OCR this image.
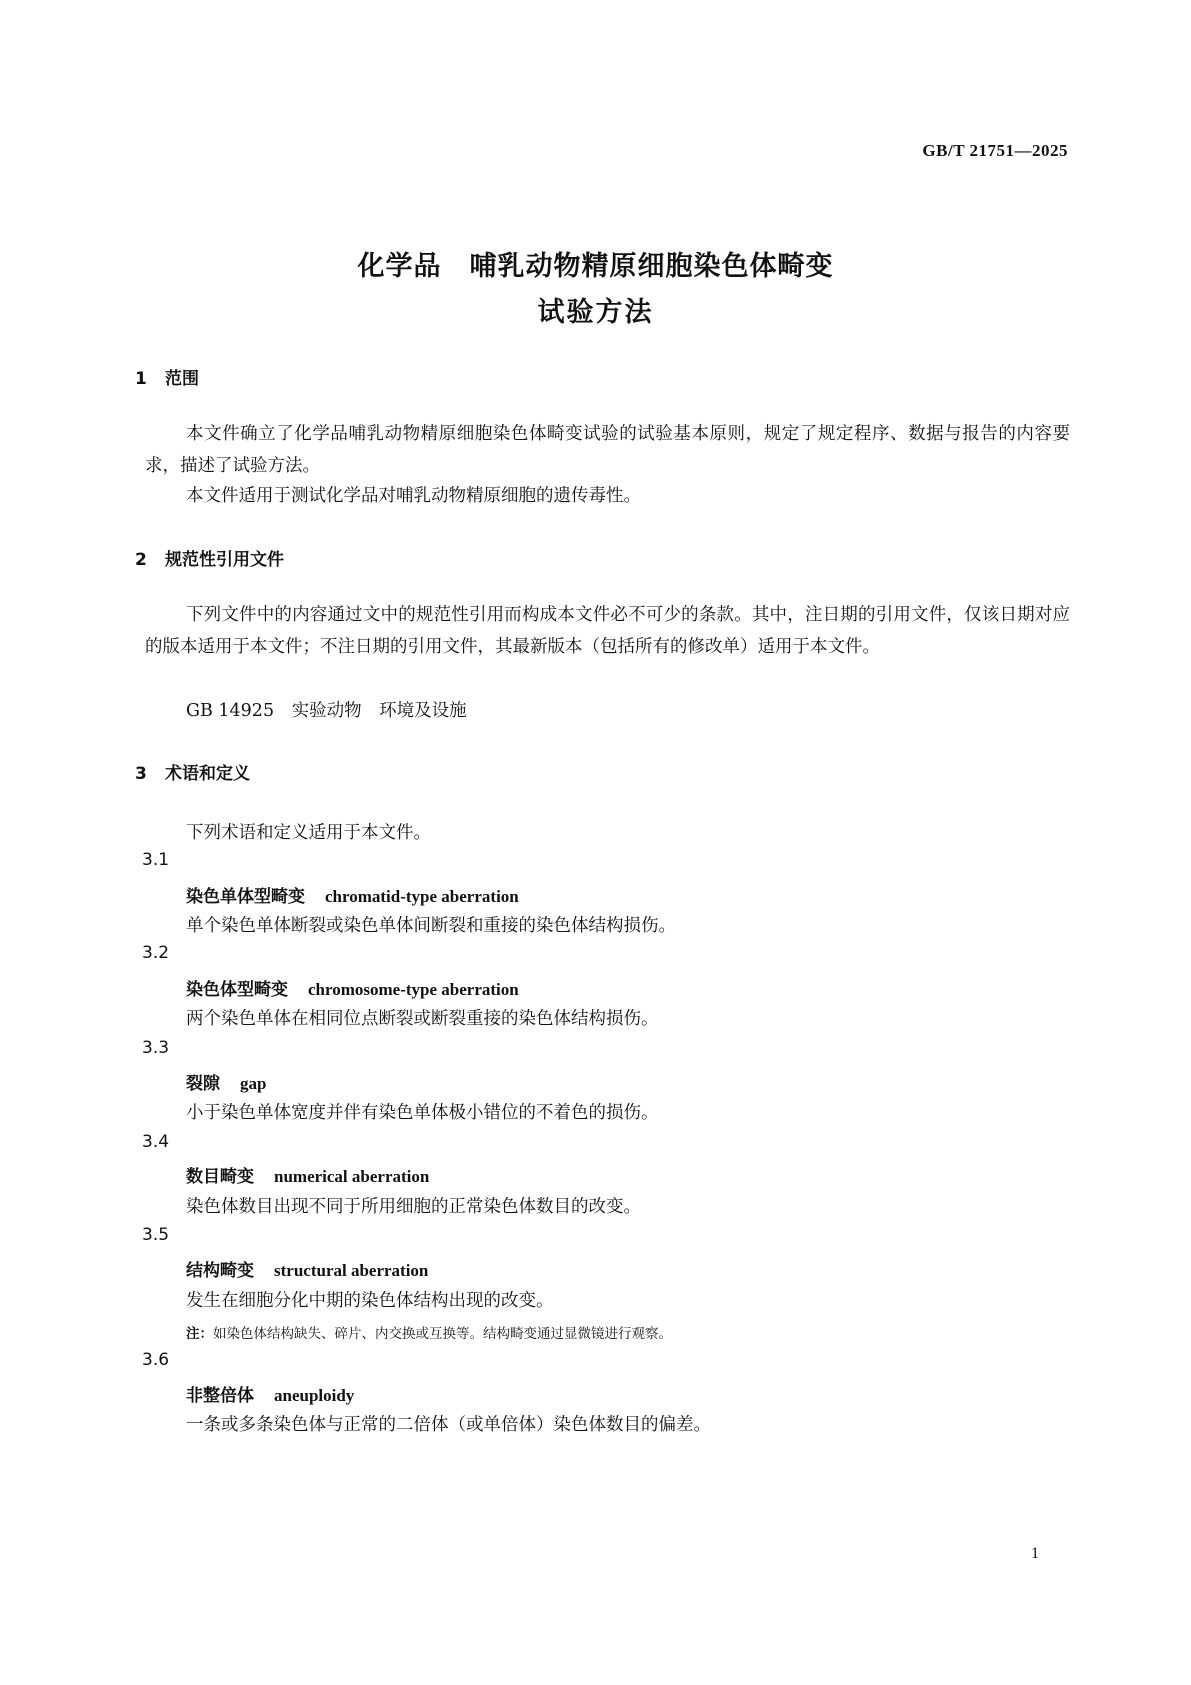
GB/T 21751—2025
化学品　哺乳动物精原细胞染色体畸变
试验方法
1 范围
本文件确立了化学品哺乳动物精原细胞染色体畸变试验的试验基本原则，规定了规定程序、数据与报告的内容要求，描述了试验方法。
本文件适用于测试化学品对哺乳动物精原细胞的遗传毒性。
2 规范性引用文件
下列文件中的内容通过文中的规范性引用而构成本文件必不可少的条款。其中，注日期的引用文件，仅该日期对应的版本适用于本文件；不注日期的引用文件，其最新版本（包括所有的修改单）适用于本文件。
GB 14925　实验动物　环境及设施
3 术语和定义
下列术语和定义适用于本文件。
3.1
染色单体型畸变 chromatid-type aberration
单个染色单体断裂或染色单体间断裂和重接的染色体结构损伤。
3.2
染色体型畸变 chromosome-type aberration
两个染色单体在相同位点断裂或断裂重接的染色体结构损伤。
3.3
裂隙 gap
小于染色单体宽度并伴有染色单体极小错位的不着色的损伤。
3.4
数目畸变 numerical aberration
染色体数目出现不同于所用细胞的正常染色体数目的改变。
3.5
结构畸变 structural aberration
发生在细胞分化中期的染色体结构出现的改变。
注：如染色体结构缺失、碎片、内交换或互换等。结构畸变通过显微镜进行观察。
3.6
非整倍体 aneuploidy
一条或多条染色体与正常的二倍体（或单倍体）染色体数目的偏差。
1
